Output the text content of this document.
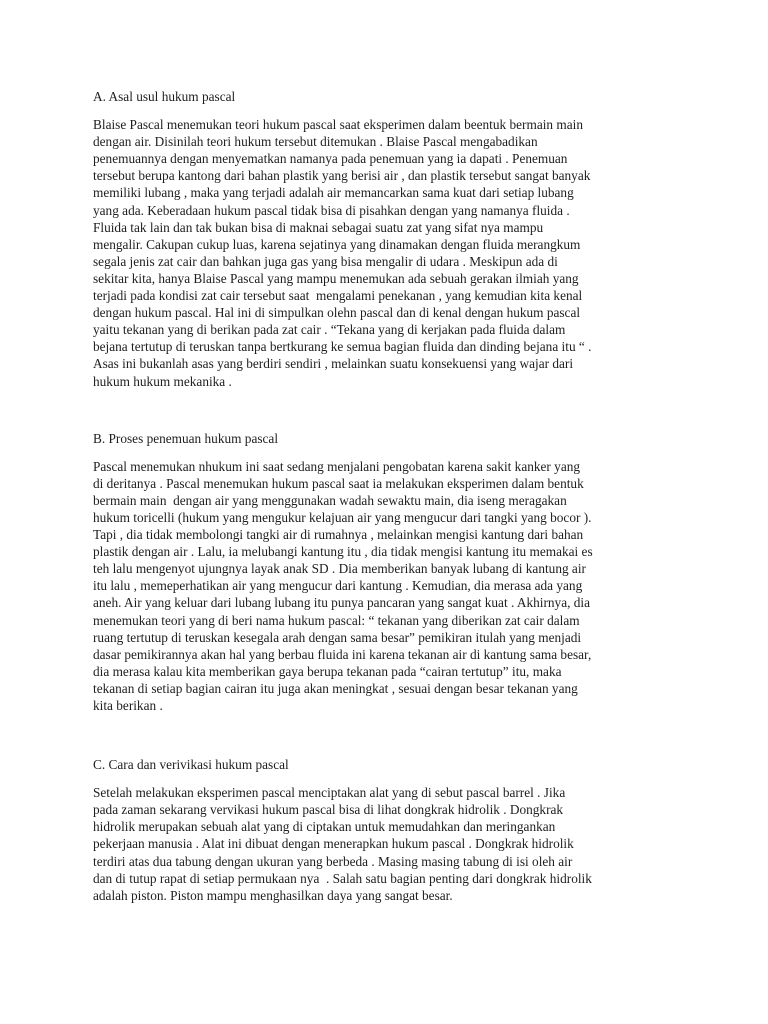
A. Asal usul hukum pascal

Blaise Pascal menemukan teori hukum pascal saat eksperimen dalam beentuk bermain main
dengan air. Disinilah teori hukum tersebut ditemukan . Blaise Pascal mengabadikan
penemuannya dengan menyematkan namanya pada penemuan yang ia dapati . Penemuan
tersebut berupa kantong dari bahan plastik yang berisi air , dan plastik tersebut sangat banyak
memiliki lubang , maka yang terjadi adalah air memancarkan sama kuat dari setiap lubang
yang ada. Keberadaan hukum pascal tidak bisa di pisahkan dengan yang namanya fluida .
Fluida tak lain dan tak bukan bisa di maknai sebagai suatu zat yang sifat nya mampu
mengalir. Cakupan cukup luas, karena sejatinya yang dinamakan dengan fluida merangkum
segala jenis zat cair dan bahkan juga gas yang bisa mengalir di udara . Meskipun ada di
sekitar kita, hanya Blaise Pascal yang mampu menemukan ada sebuah gerakan ilmiah yang
terjadi pada kondisi zat cair tersebut saat  mengalami penekanan , yang kemudian kita kenal
dengan hukum pascal. Hal ini di simpulkan olehn pascal dan di kenal dengan hukum pascal
yaitu tekanan yang di berikan pada zat cair . “Tekana yang di kerjakan pada fluida dalam
bejana tertutup di teruskan tanpa bertkurang ke semua bagian fluida dan dinding bejana itu “ .
Asas ini bukanlah asas yang berdiri sendiri , melainkan suatu konsekuensi yang wajar dari
hukum hukum mekanika .

B. Proses penemuan hukum pascal

Pascal menemukan nhukum ini saat sedang menjalani pengobatan karena sakit kanker yang
di deritanya . Pascal menemukan hukum pascal saat ia melakukan eksperimen dalam bentuk
bermain main  dengan air yang menggunakan wadah sewaktu main, dia iseng meragakan
hukum toricelli (hukum yang mengukur kelajuan air yang mengucur dari tangki yang bocor ).
Tapi , dia tidak membolongi tangki air di rumahnya , melainkan mengisi kantung dari bahan
plastik dengan air . Lalu, ia melubangi kantung itu , dia tidak mengisi kantung itu memakai es
teh lalu mengenyot ujungnya layak anak SD . Dia memberikan banyak lubang di kantung air
itu lalu , memeperhatikan air yang mengucur dari kantung . Kemudian, dia merasa ada yang
aneh. Air yang keluar dari lubang lubang itu punya pancaran yang sangat kuat . Akhirnya, dia
menemukan teori yang di beri nama hukum pascal: “ tekanan yang diberikan zat cair dalam
ruang tertutup di teruskan kesegala arah dengan sama besar” pemikiran itulah yang menjadi
dasar pemikirannya akan hal yang berbau fluida ini karena tekanan air di kantung sama besar,
dia merasa kalau kita memberikan gaya berupa tekanan pada “cairan tertutup” itu, maka
tekanan di setiap bagian cairan itu juga akan meningkat , sesuai dengan besar tekanan yang
kita berikan .

C. Cara dan verivikasi hukum pascal

Setelah melakukan eksperimen pascal menciptakan alat yang di sebut pascal barrel . Jika
pada zaman sekarang vervikasi hukum pascal bisa di lihat dongkrak hidrolik . Dongkrak
hidrolik merupakan sebuah alat yang di ciptakan untuk memudahkan dan meringankan
pekerjaan manusia . Alat ini dibuat dengan menerapkan hukum pascal . Dongkrak hidrolik
terdiri atas dua tabung dengan ukuran yang berbeda . Masing masing tabung di isi oleh air
dan di tutup rapat di setiap permukaan nya  . Salah satu bagian penting dari dongkrak hidrolik
adalah piston. Piston mampu menghasilkan daya yang sangat besar.
